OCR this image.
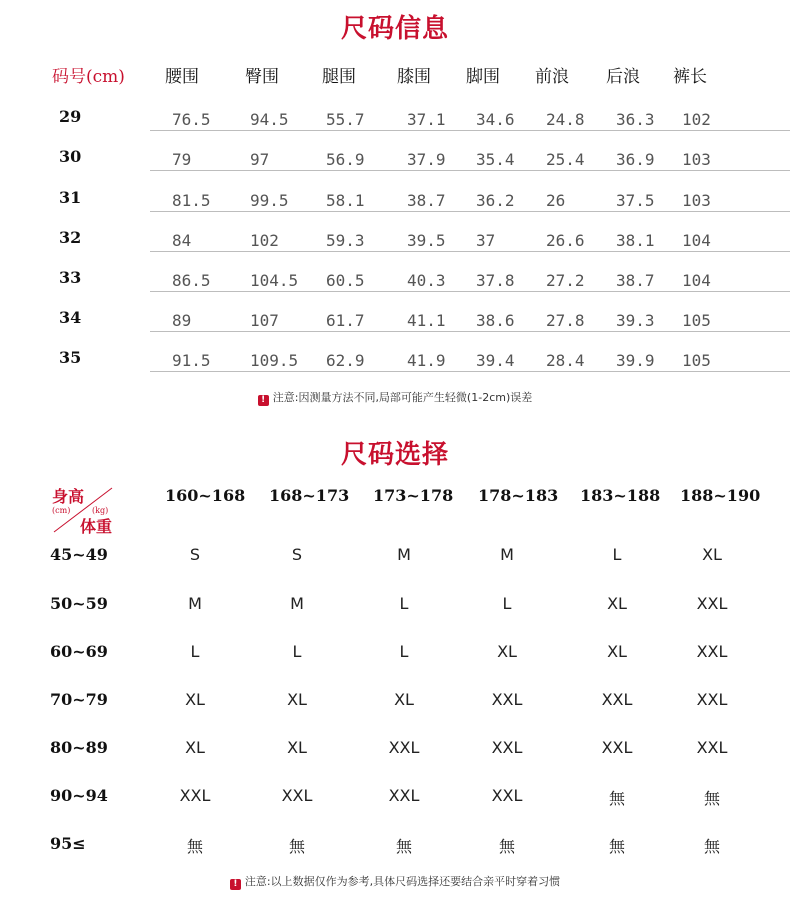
尺码信息
码号(cm) 腰围	臀围	腿围 膝围 脚围 前浪 后浪 裤长
29	76.5 94.5 55.7	37.1 34.6 24.8 36.3 102
30	79	97	56.9	37.9 35.4 25.4 36.9 103
31	81.5 99.5 58.1	38.7 36.2 26	37.5 103
32	84	102	59.3	39.5 37	26.6 38.1 104
33	86.5 104.5 60.5	40.3 37.8 27.2 38.7 104
34	89	107	61.7	41.1 38.6 27.8 39.3 105
35	91.5 109.5 62.9	41.9 39.4 28.4 39.9 105
! 注意:因测量方法不同,局部可能产生轻微(1-2cm)误差
尺码选择
身高
(cm)	(kg)
体重
160~168 168~173 173~178 178~183 183~188 188~190
45~49	S	S	M	M	L	XL
50~59	M	M	L	L	XL	XXL
60~69	L	L	L	XL	XL	XXL
70~79	XL	XL	XL	XXL	XXL	XXL
80~89	XL	XL	XXL	XXL	XXL	XXL
90~94	XXL	XXL	XXL	XXL	無	無
95≤	無	無	無	無	無	無
! 注意:以上数据仅作为参考,具体尺码选择还要结合亲平时穿着习惯
